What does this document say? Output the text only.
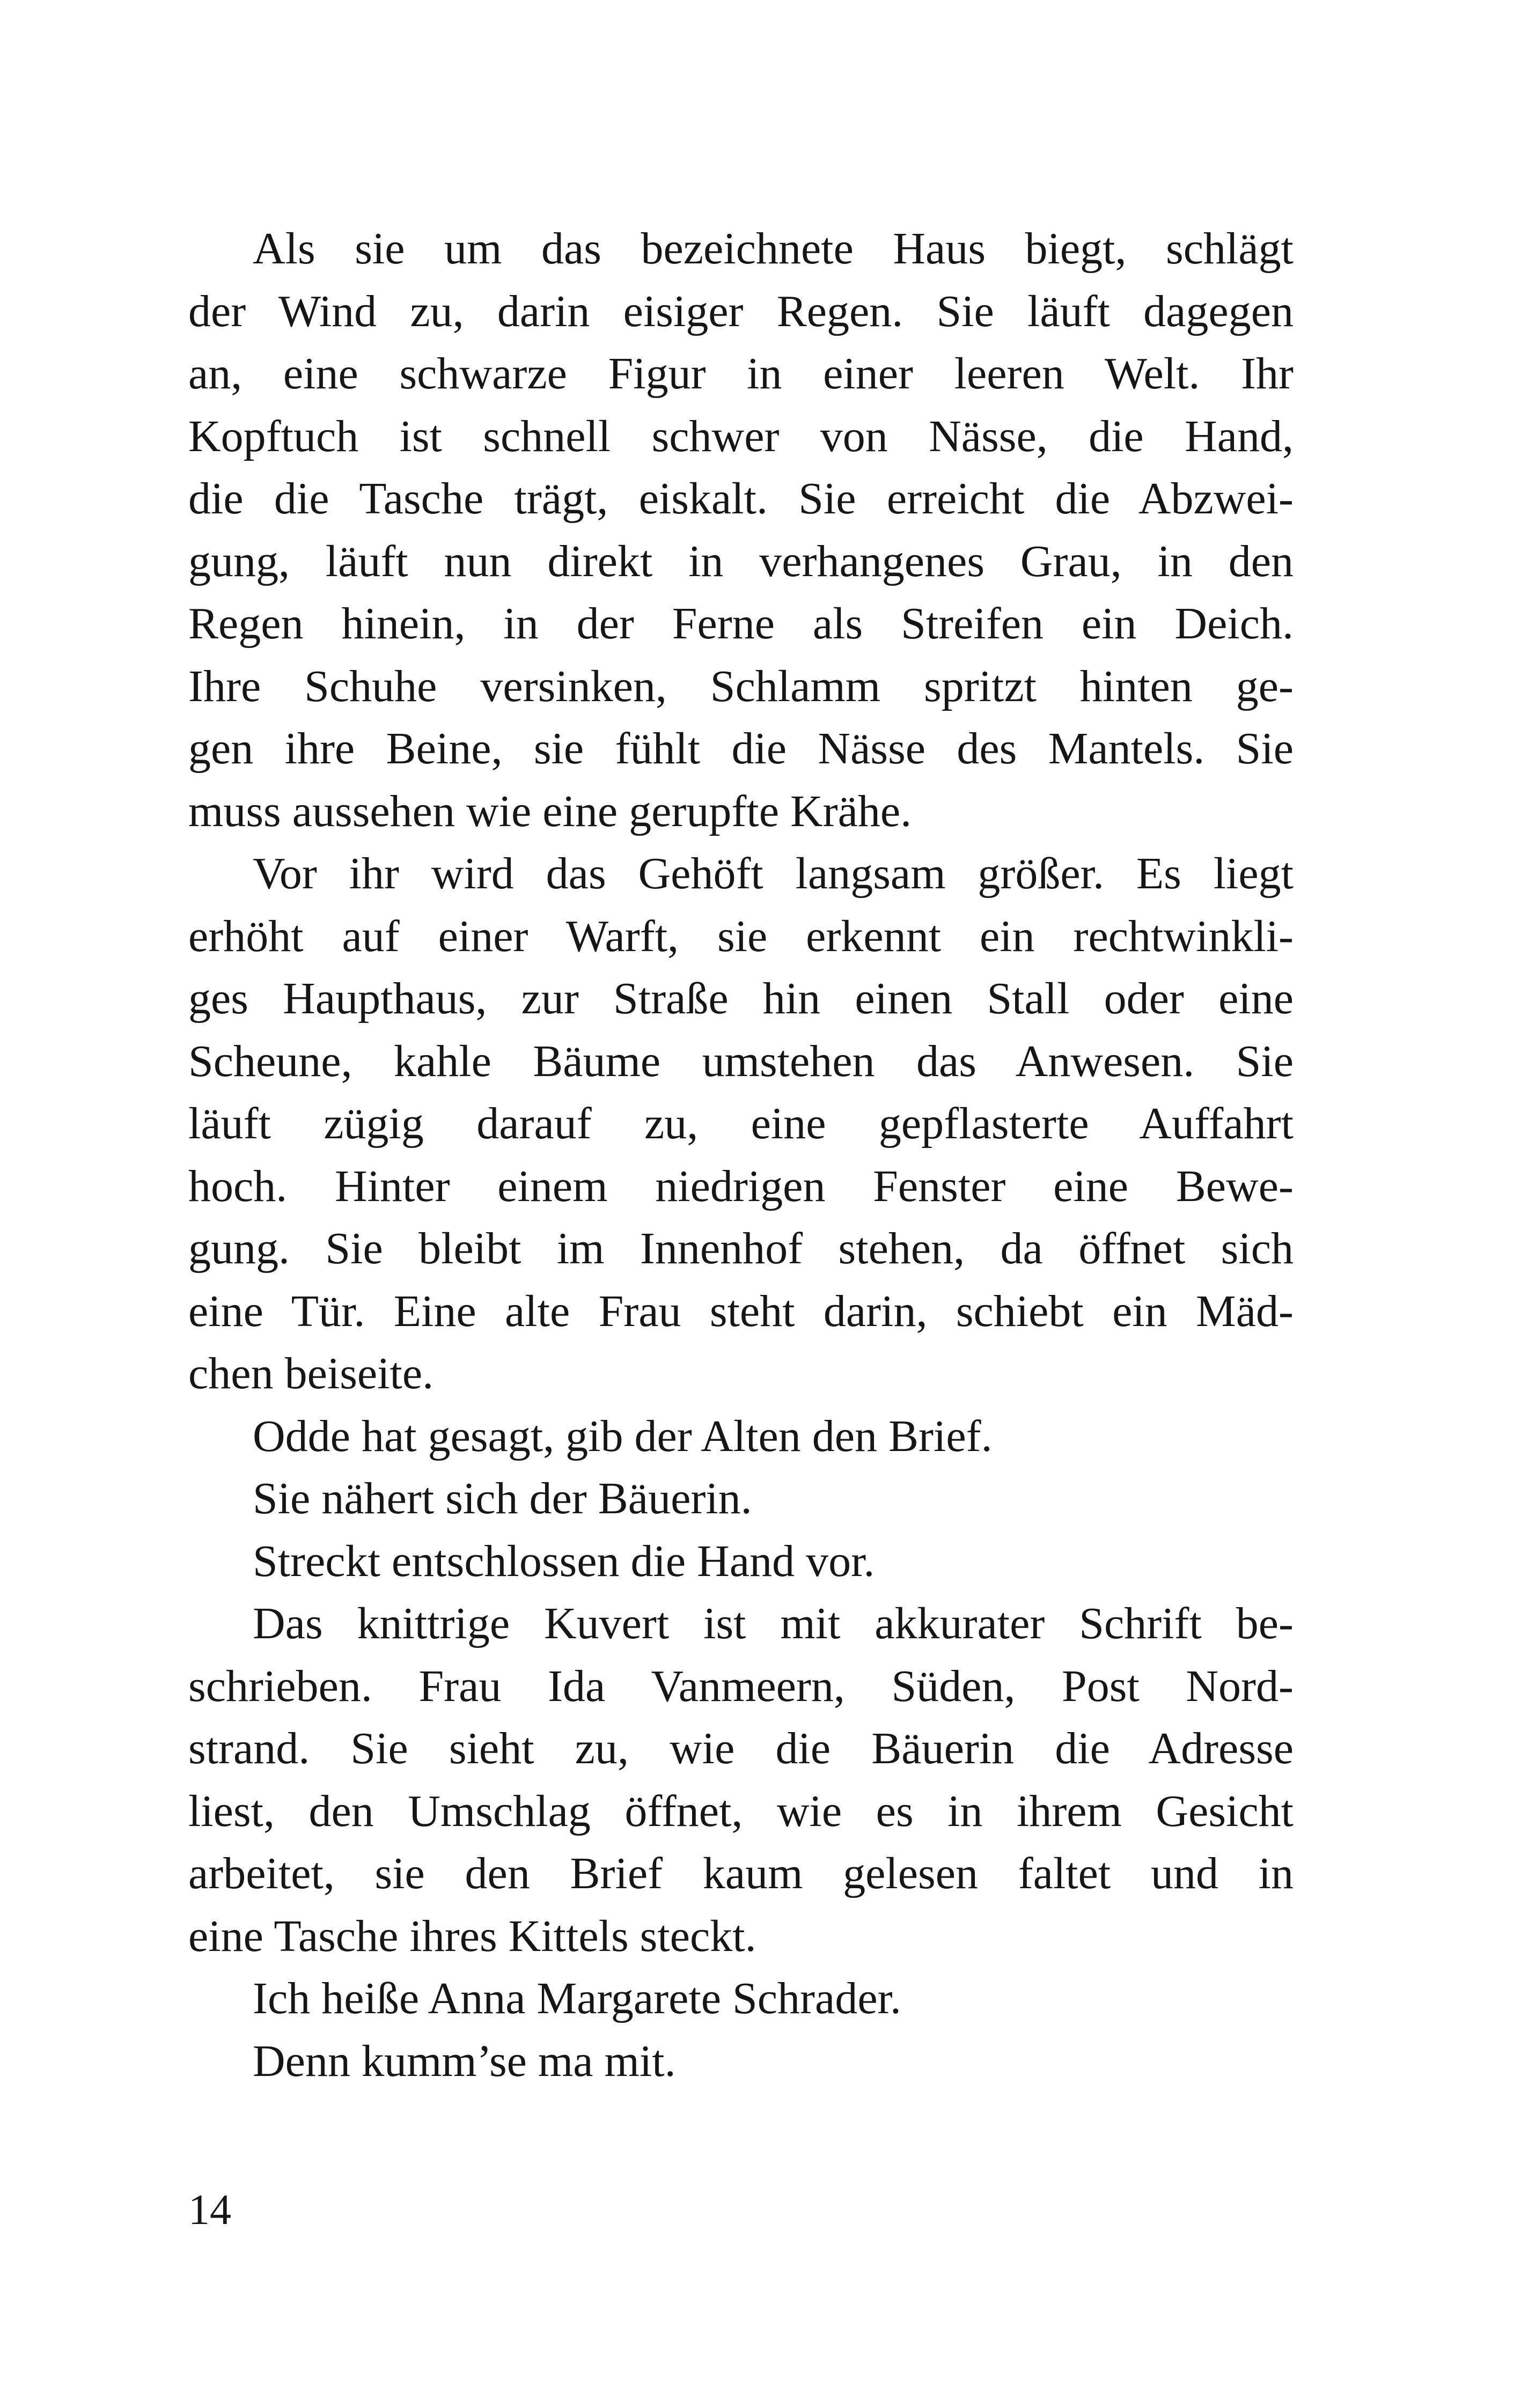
Als sie um das bezeichnete Haus biegt, schlägt
der Wind zu, darin eisiger Regen. Sie läuft dagegen
an, eine schwarze Figur in einer leeren Welt. Ihr
Kopftuch ist schnell schwer von Nässe, die Hand,
die die Tasche trägt, eiskalt. Sie erreicht die Abzwei-
gung, läuft nun direkt in verhangenes Grau, in den
Regen hinein, in der Ferne als Streifen ein Deich.
Ihre Schuhe versinken, Schlamm spritzt hinten ge-
gen ihre Beine, sie fühlt die Nässe des Mantels. Sie
muss aussehen wie eine gerupfte Krähe.
Vor ihr wird das Gehöft langsam größer. Es liegt
erhöht auf einer Warft, sie erkennt ein rechtwinkli-
ges Haupthaus, zur Straße hin einen Stall oder eine
Scheune, kahle Bäume umstehen das Anwesen. Sie
läuft zügig darauf zu, eine gepflasterte Auffahrt
hoch. Hinter einem niedrigen Fenster eine Bewe-
gung. Sie bleibt im Innenhof stehen, da öffnet sich
eine Tür. Eine alte Frau steht darin, schiebt ein Mäd-
chen beiseite.
Odde hat gesagt, gib der Alten den Brief.
Sie nähert sich der Bäuerin.
Streckt entschlossen die Hand vor.
Das knittrige Kuvert ist mit akkurater Schrift be-
schrieben. Frau Ida Vanmeern, Süden, Post Nord-
strand. Sie sieht zu, wie die Bäuerin die Adresse
liest, den Umschlag öffnet, wie es in ihrem Gesicht
arbeitet, sie den Brief kaum gelesen faltet und in
eine Tasche ihres Kittels steckt.
Ich heiße Anna Margarete Schrader.
Denn kumm’se ma mit.
14
